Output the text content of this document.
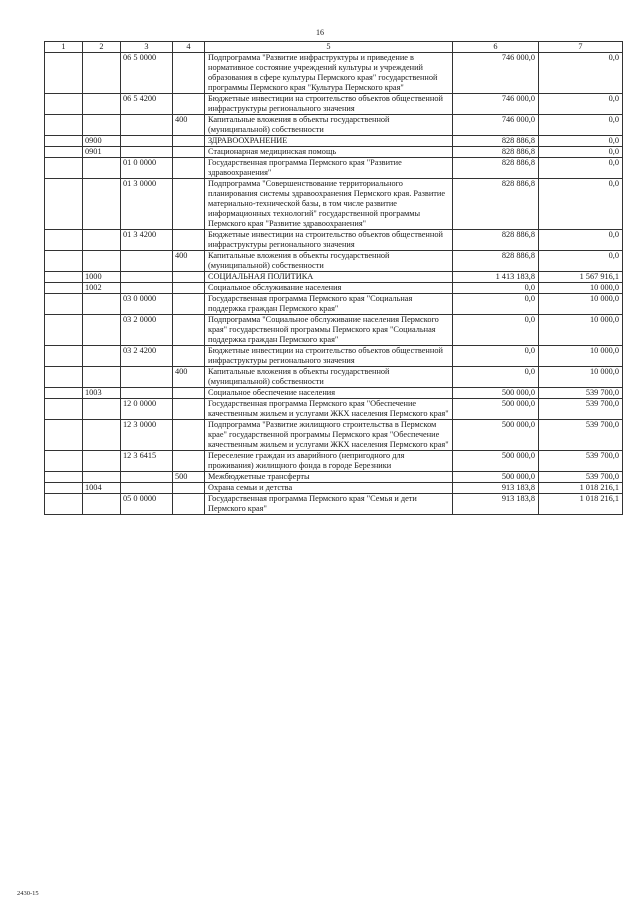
16
1	2	3	4	5	6	7
		06 5 0000		Подпрограмма "Развитие инфраструктуры и приведение в нормативное состояние учреждений культуры и учреждений образования в сфере культуры Пермского края" государственной программы Пермского края "Культура Пермского края"	746 000,0	0,0
		06 5 4200		Бюджетные инвестиции на строительство объектов общественной инфраструктуры регионального значения	746 000,0	0,0
			400	Капитальные вложения в объекты государственной (муниципальной) собственности	746 000,0	0,0
	0900			ЗДРАВООХРАНЕНИЕ	828 886,8	0,0
	0901			Стационарная медицинская помощь	828 886,8	0,0
		01 0 0000		Государственная программа Пермского края "Развитие здравоохранения"	828 886,8	0,0
		01 3 0000		Подпрограмма "Совершенствование территориального планирования системы здравоохранения Пермского края. Развитие материально-технической базы, в том числе развитие информационных технологий" государственной программы Пермского края "Развитие здравоохранения"	828 886,8	0,0
		01 3 4200		Бюджетные инвестиции на строительство объектов общественной инфраструктуры регионального значения	828 886,8	0,0
			400	Капитальные вложения в объекты государственной (муниципальной) собственности	828 886,8	0,0
	1000			СОЦИАЛЬНАЯ ПОЛИТИКА	1 413 183,8	1 567 916,1
	1002			Социальное обслуживание населения	0,0	10 000,0
		03 0 0000		Государственная программа Пермского края "Социальная поддержка граждан Пермского края"	0,0	10 000,0
		03 2 0000		Подпрограмма "Социальное обслуживание населения Пермского края" государственной программы Пермского края "Социальная поддержка граждан Пермского края"	0,0	10 000,0
		03 2 4200		Бюджетные инвестиции на строительство объектов общественной инфраструктуры регионального значения	0,0	10 000,0
			400	Капитальные вложения в объекты государственной (муниципальной) собственности	0,0	10 000,0
	1003			Социальное обеспечение населения	500 000,0	539 700,0
		12 0 0000		Государственная программа Пермского края "Обеспечение качественным жильем и услугами ЖКХ населения Пермского края"	500 000,0	539 700,0
		12 3 0000		Подпрограмма "Развитие жилищного строительства в Пермском крае" государственной программы Пермского края "Обеспечение качественным жильем и услугами ЖКХ населения Пермского края"	500 000,0	539 700,0
		12 3 6415		Переселение граждан из аварийного (непригодного для проживания) жилищного фонда в городе Березники	500 000,0	539 700,0
			500	Межбюджетные трансферты	500 000,0	539 700,0
	1004			Охрана семьи и детства	913 183,8	1 018 216,1
		05 0 0000		Государственная программа Пермского края "Семья и дети Пермского края"	913 183,8	1 018 216,1
2430-15
